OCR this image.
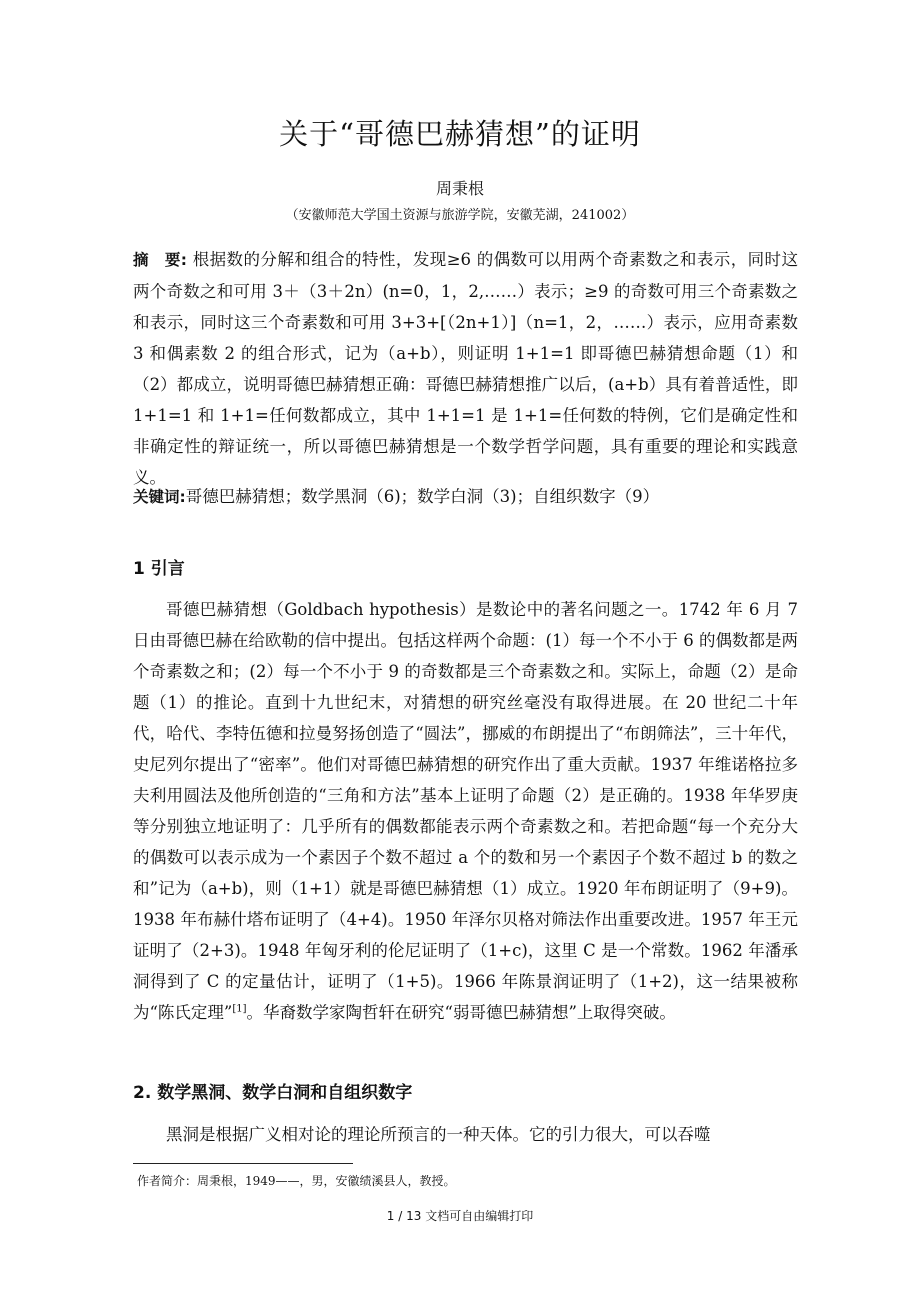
关于“哥德巴赫猜想”的证明
周秉根
（安徽师范大学国土资源与旅游学院，安徽芜湖，241002）
摘　要: 根据数的分解和组合的特性，发现≥6 的偶数可以用两个奇素数之和表示，同时这两个奇数之和可用 3＋（3＋2n）(n=0，1，2,……）表示；≥9 的奇数可用三个奇素数之和表示，同时这三个奇素数和可用 3+3+[（2n+1）]（n=1，2，……）表示，应用奇素数 3 和偶素数 2 的组合形式，记为（a+b），则证明 1+1=1 即哥德巴赫猜想命题（1）和（2）都成立，说明哥德巴赫猜想正确：哥德巴赫猜想推广以后，(a+b）具有着普适性，即 1+1=1 和 1+1=任何数都成立，其中 1+1=1 是 1+1=任何数的特例，它们是确定性和非确定性的辩证统一，所以哥德巴赫猜想是一个数学哲学问题，具有重要的理论和实践意义。
关键词:哥德巴赫猜想；数学黑洞（6)；数学白洞（3)；自组织数字（9）
1 引言
哥德巴赫猜想（Goldbach hypothesis）是数论中的著名问题之一。1742 年 6 月 7 日由哥德巴赫在给欧勒的信中提出。包括这样两个命题：(1）每一个不小于 6 的偶数都是两个奇素数之和；(2）每一个不小于 9 的奇数都是三个奇素数之和。实际上，命题（2）是命题（1）的推论。直到十九世纪末，对猜想的研究丝毫没有取得进展。在 20 世纪二十年代，哈代、李特伍德和拉曼努扬创造了“圆法”，挪威的布朗提出了“布朗筛法”，三十年代，史尼列尔提出了“密率”。他们对哥德巴赫猜想的研究作出了重大贡献。1937 年维诺格拉多夫利用圆法及他所创造的“三角和方法”基本上证明了命题（2）是正确的。1938 年华罗庚等分别独立地证明了：几乎所有的偶数都能表示两个奇素数之和。若把命题“每一个充分大的偶数可以表示成为一个素因子个数不超过 a 个的数和另一个素因子个数不超过 b 的数之和”记为（a+b)，则（1+1）就是哥德巴赫猜想（1）成立。1920 年布朗证明了（9+9)。1938 年布赫什塔布证明了（4+4)。1950 年泽尔贝格对筛法作出重要改进。1957 年王元证明了（2+3)。1948 年匈牙利的伦尼证明了（1+c)，这里 C 是一个常数。1962 年潘承洞得到了 C 的定量估计，证明了（1+5)。1966 年陈景润证明了（1+2)，这一结果被称为“陈氏定理”[1]。华裔数学家陶哲轩在研究“弱哥德巴赫猜想”上取得突破。
2. 数学黑洞、数学白洞和自组织数字
黑洞是根据广义相对论的理论所预言的一种天体。它的引力很大，可以吞噬
作者简介：周秉根，1949——，男，安徽绩溪县人，教授。
1 / 13 文档可自由编辑打印
